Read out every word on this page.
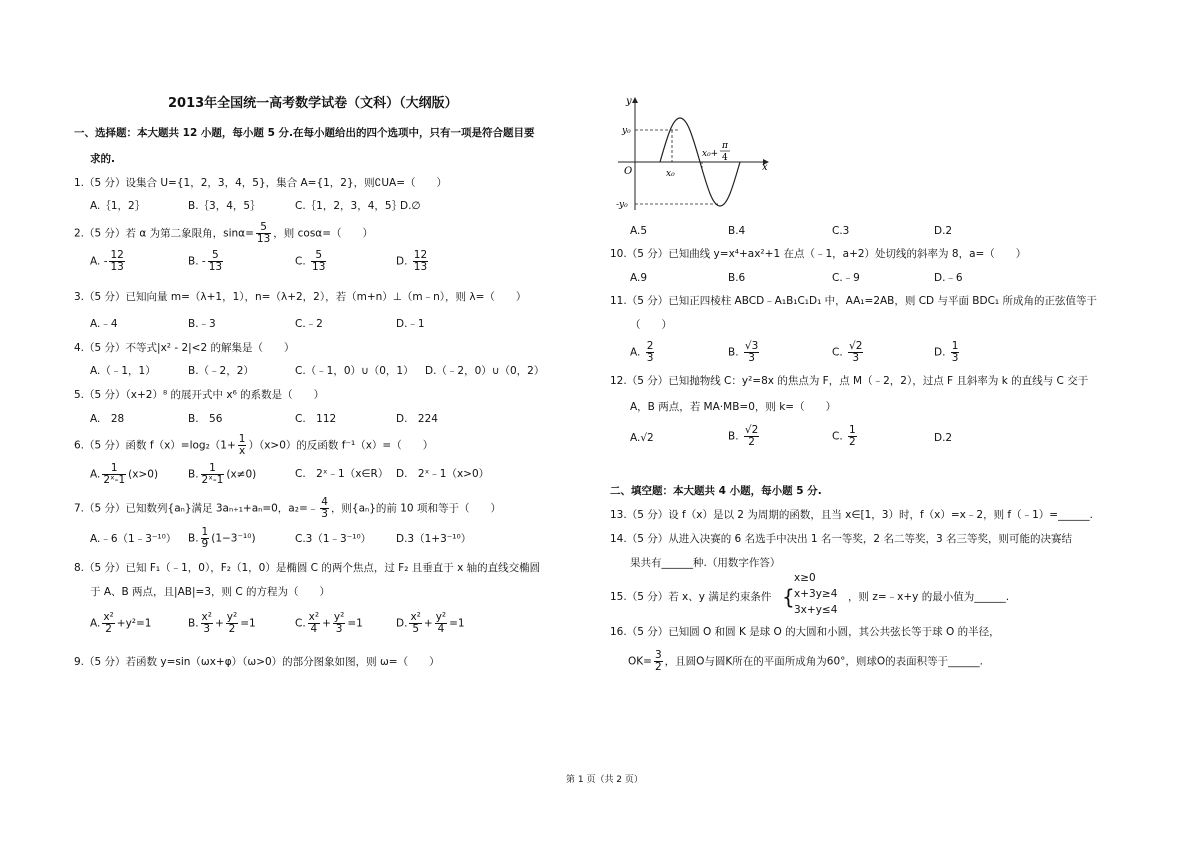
2013年全国统一高考数学试卷（文科）（大纲版）
一、选择题：本大题共 12 小题，每小题 5 分.在每小题给出的四个选项中，只有一项是符合题目要
求的.
1.（5 分）设集合 U={1，2，3，4，5}，集合 A={1，2}，则∁UA=（　　）
A.｛1，2｝	B.｛3，4，5｝	C.｛1，2，3，4，5｝
D.∅
2.（5 分）若 α 为第二象限角，$\sin\alpha= \frac{5}{13}$ ，则 cosα=（　　）
A. - $\frac{12}{13}$	B. - $\frac{5}{13}$	C. $\frac{5}{13}$	D. $\frac{12}{13}$
3.（5 分）已知向量 m=（λ+1，1），n=（λ+2，2），若（m+n）⊥（m﹣n），则 λ=（　　）
A.﹣4	B.﹣3	C.﹣2	D.﹣1
4.（5 分）不等式|x² - 2|<2 的解集是（　　）
A.（﹣1，1）	B.（﹣2，2）	C.（﹣1，0）∪（0，1） D.（﹣2，0）∪（0，2）
5.（5 分）（x+2）⁸ 的展开式中 x⁶ 的系数是（　　）
A.　28	B.　56	C.　112	D.　224
6.（5 分）函数 $f(x)=\log_2(1+ \frac{1}{x} )(x>0)$的反函数 f⁻¹（x）=（　　）
A. $\frac{1}{\text{2ˣ-1}} (x>0)$	B. $\frac{1}{\text{2ˣ-1}} (x\ne 0)$	C.　2ˣ﹣1（x∈R） D.　2ˣ﹣1（x>0）
7.（5 分）已知数列{aₙ}满足 3aₙ₊₁+aₙ=0，a₂=﹣ $\frac{4}{3}$ ，则{aₙ}的前 10 项和等于（　　）
A.﹣6（1﹣3⁻¹⁰） B. $\frac{1}{9} (1-3^{-10})$	C.3（1﹣3⁻¹⁰） D.3（1+3⁻¹⁰）
8.（5 分）已知 F₁（﹣1，0），F₂（1，0）是椭圆 C 的两个焦点，过 F₂ 且垂直于 x 轴的直线交椭圆
于 A、B 两点，且|AB|=3，则 C 的方程为（　　）
A. $\frac{\text{x²}}{2} +y^2=1$	B. $\frac{\text{x²}}{3} + \frac{\text{y²}}{2} =1$	C. $\frac{\text{x²}}{4} + \frac{\text{y²}}{3} =1$	D. $\frac{\text{x²}}{5} + \frac{\text{y²}}{4} =1$
9.（5 分）若函数 y=sin（ωx+φ）（ω>0）的部分图象如图，则 ω=（　　）
y
x
O
y₀
-y₀
x₀
x₀+
π
4
A.5	B.4	C.3	D.2
10.（5 分）已知曲线 y=x⁴+ax²+1 在点（﹣1，a+2）处切线的斜率为 8，a=（　　）
A.9	B.6	C.﹣9	D.﹣6
11.（5 分）已知正四棱柱 ABCD﹣A₁B₁C₁D₁ 中，AA₁=2AB，则 CD 与平面 BDC₁ 所成角的正弦值等于
（　　）
A. $\frac{2}{3}$	B. $\frac{√3}{3}$	C. $\frac{√2}{3}$	D. $\frac{1}{3}$
12.（5 分）已知抛物线 C：y²=8x 的焦点为 F，点 M（﹣2，2），过点 F 且斜率为 k 的直线与 C 交于
A，B 两点，若 MA·MB=0，则 k=（　　）
A.√2	B. $\frac{√2}{2}$	C. $\frac{1}{2}$	D.2
二、填空题：本大题共 4 小题，每小题 5 分.
13.（5 分）设 f（x）是以 2 为周期的函数，且当 x∈[1，3）时，f（x）=x﹣2，则 f（﹣1）=______.
14.（5 分）从进入决赛的 6 名选手中决出 1 名一等奖，2 名二等奖，3 名三等奖，则可能的决赛结
果共有______种.（用数字作答）
15.（5 分）若 x、y 满足约束条件 {
x≥0
x+3y≥4
3x+y≤4
，则 z=﹣x+y 的最小值为______.
16.（5 分）已知圆 O 和圆 K 是球 O 的大圆和小圆，其公共弦长等于球 O 的半径，
$OK= \frac{3}{2}$ ，且圆O与圆K所在的平面所成角为60°，则球O的表面积等于______.
第 1 页（共 2 页）
